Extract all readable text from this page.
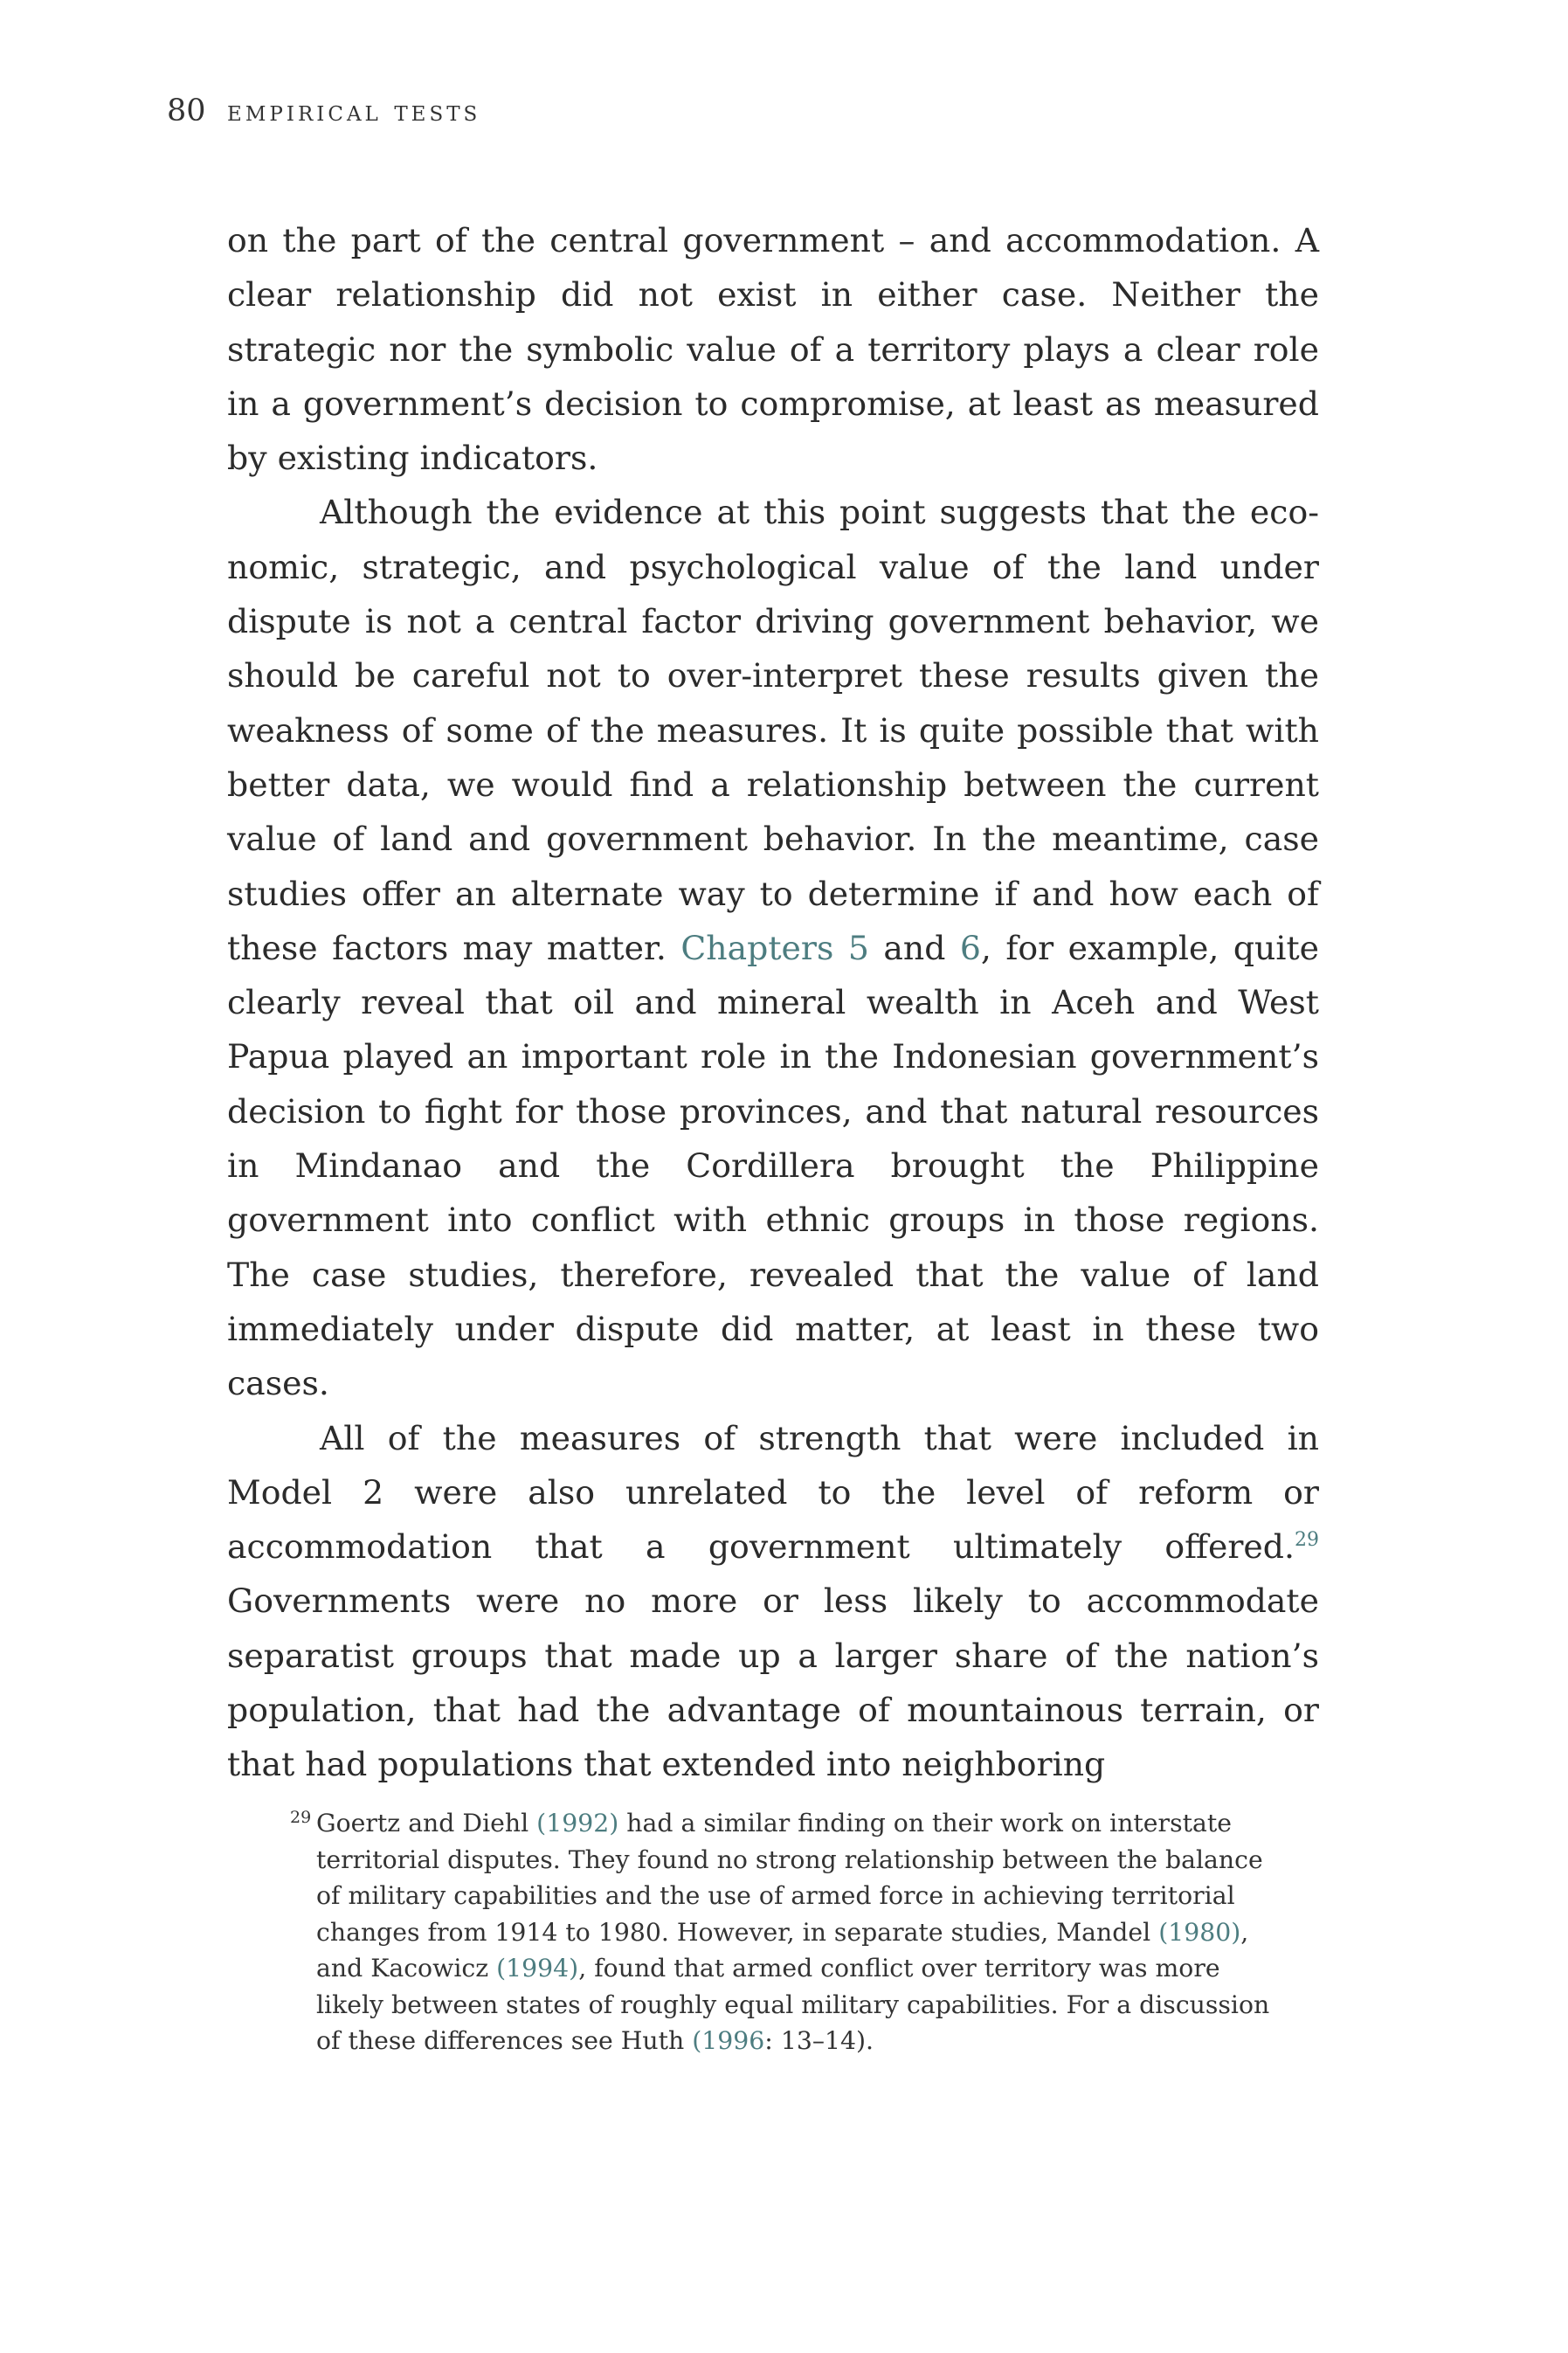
80 empirical tests

on the part of the central government – and accommodation. A clear relationship did not exist in either case. Neither the strategic nor the symbolic value of a territory plays a clear role in a government’s decision to compromise, at least as measured by existing indicators.

Although the evidence at this point suggests that the economic, strategic, and psychological value of the land under dispute is not a central factor driving government behavior, we should be careful not to over-interpret these results given the weakness of some of the measures. It is quite possible that with better data, we would find a relationship between the current value of land and government behavior. In the meantime, case studies offer an alternate way to determine if and how each of these factors may matter. Chapters 5 and 6, for example, quite clearly reveal that oil and mineral wealth in Aceh and West Papua played an important role in the Indonesian government’s decision to fight for those provinces, and that natural resources in Mindanao and the Cordillera brought the Philippine government into conflict with ethnic groups in those regions. The case studies, therefore, revealed that the value of land immediately under dispute did matter, at least in these two cases.

All of the measures of strength that were included in Model 2 were also unrelated to the level of reform or accommodation that a government ultimately offered.$^{29}$ Governments were no more or less likely to accommodate separatist groups that made up a larger share of the nation’s population, that had the advantage of mountainous terrain, or that had populations that extended into neighboring

29 Goertz and Diehl (1992) had a similar finding on their work on interstate territorial disputes. They found no strong relationship between the balance of military capabilities and the use of armed force in achieving territorial changes from 1914 to 1980. However, in separate studies, Mandel (1980), and Kacowicz (1994), found that armed conflict over territory was more likely between states of roughly equal military capabilities. For a discussion of these differences see Huth (1996: 13–14).
